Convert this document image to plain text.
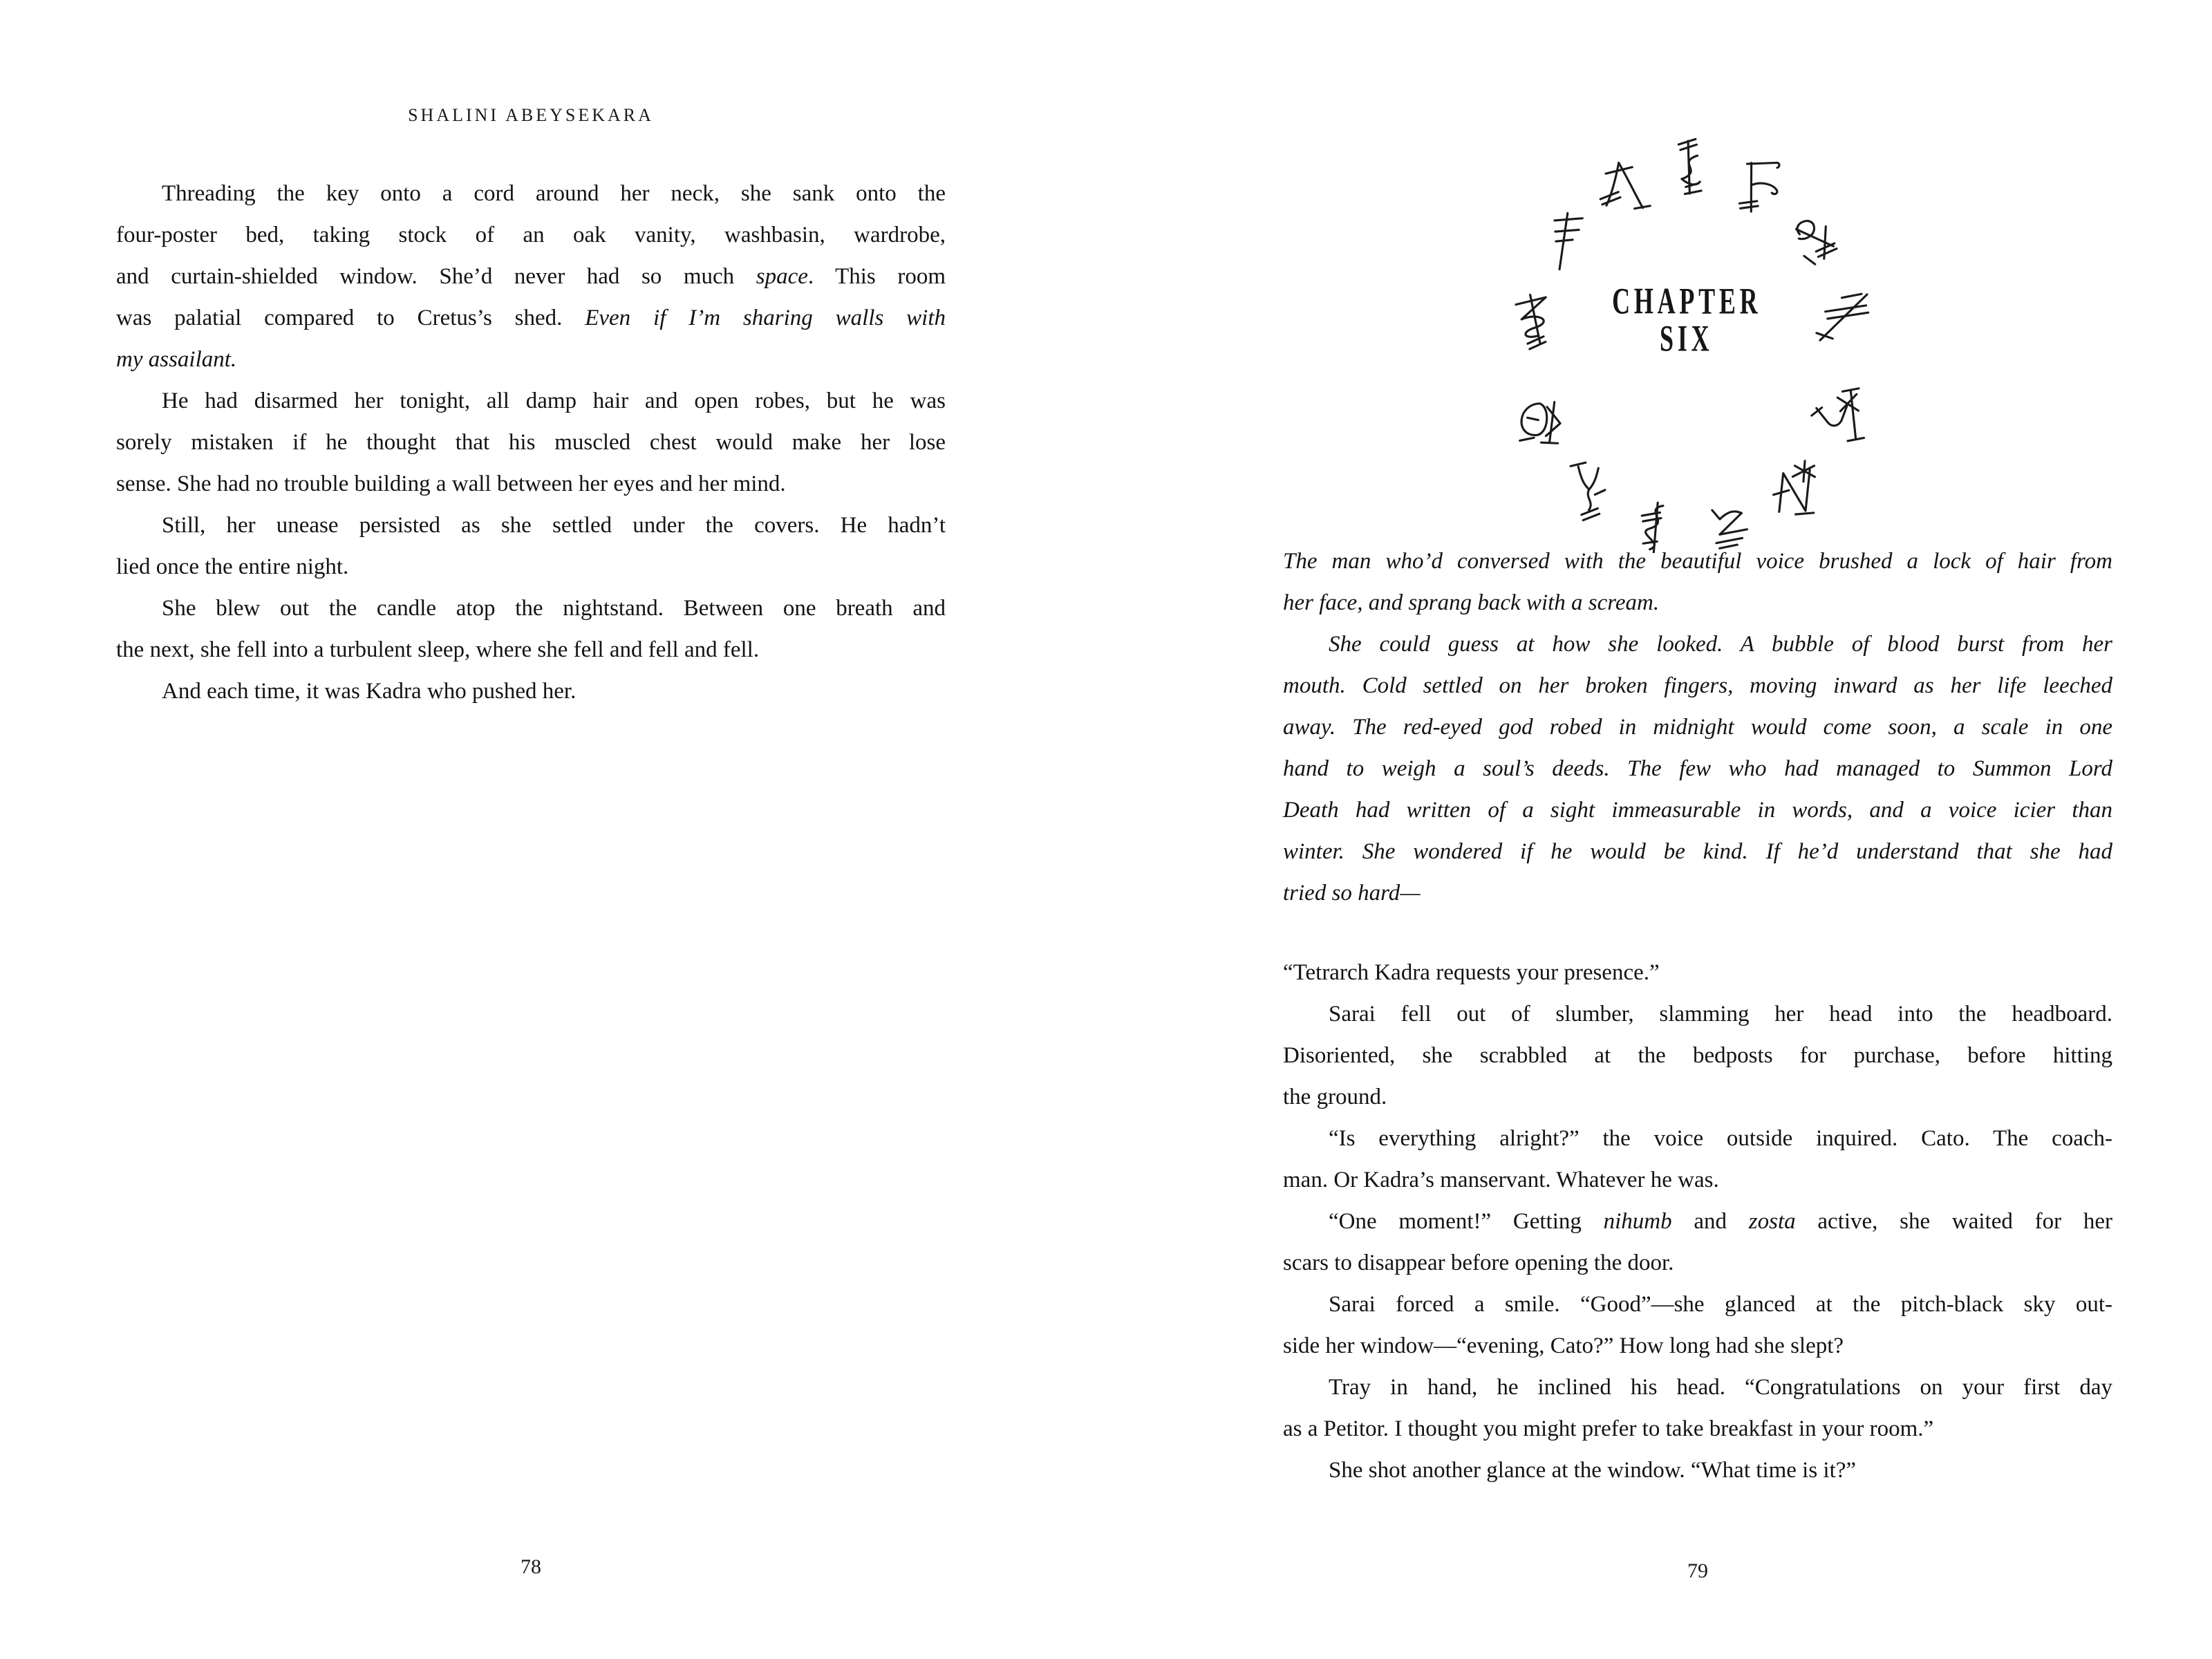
SHALINI ABEYSEKARA
Threading the key onto a cord around her neck, she sank onto the
four-poster bed, taking stock of an oak vanity, washbasin, wardrobe,
and curtain-shielded window. She’d never had so much space. This room
was palatial compared to Cretus’s shed. Even if I’m sharing walls with
my assailant.
He had disarmed her tonight, all damp hair and open robes, but he was
sorely mistaken if he thought that his muscled chest would make her lose
sense. She had no trouble building a wall between her eyes and her mind.
Still, her unease persisted as she settled under the covers. He hadn’t
lied once the entire night.
She blew out the candle atop the nightstand. Between one breath and
the next, she fell into a turbulent sleep, where she fell and fell and fell.
And each time, it was Kadra who pushed her.
78
CHAPTER
SIX
The man who’d conversed with the beautiful voice brushed a lock of hair from
her face, and sprang back with a scream.
She could guess at how she looked. A bubble of blood burst from her
mouth. Cold settled on her broken fingers, moving inward as her life leeched
away. The red-eyed god robed in midnight would come soon, a scale in one
hand to weigh a soul’s deeds. The few who had managed to Summon Lord
Death had written of a sight immeasurable in words, and a voice icier than
winter. She wondered if he would be kind. If he’d understand that she had
tried so hard—
“Tetrarch Kadra requests your presence.”
Sarai fell out of slumber, slamming her head into the headboard.
Disoriented, she scrabbled at the bedposts for purchase, before hitting
the ground.
“Is everything alright?” the voice outside inquired. Cato. The coach-
man. Or Kadra’s manservant. Whatever he was.
“One moment!” Getting nihumb and zosta active, she waited for her
scars to disappear before opening the door.
Sarai forced a smile. “Good”—she glanced at the pitch-black sky out-
side her window—“evening, Cato?” How long had she slept?
Tray in hand, he inclined his head. “Congratulations on your first day
as a Petitor. I thought you might prefer to take breakfast in your room.”
She shot another glance at the window. “What time is it?”
79
